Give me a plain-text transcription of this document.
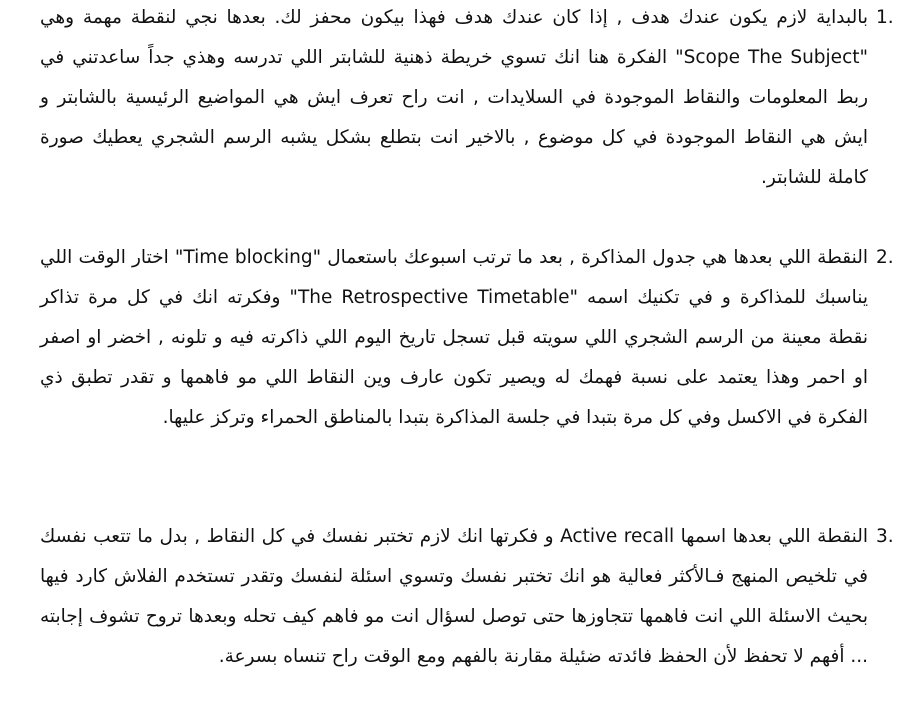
1.

بالبداية لازم يكون عندك هدف , إذا كان عندك هدف فهذا بيكون محفز لك. بعدها نجي لنقطة مهمة وهي "Scope The Subject" الفكرة هنا انك تسوي خريطة ذهنية للشابتر اللي تدرسه وهذي جداً ساعدتني في ربط المعلومات والنقاط الموجودة في السلايدات , انت راح تعرف ايش هي المواضيع الرئيسية بالشابتر و ايش هي النقاط الموجودة في كل موضوع , بالاخير انت بتطلع بشكل يشبه الرسم الشجري يعطيك صورة كاملة للشابتر.

2.

النقطة اللي بعدها هي جدول المذاكرة , بعد ما ترتب اسبوعك باستعمال "Time blocking" اختار الوقت اللي يناسبك للمذاكرة و في تكنيك اسمه "The Retrospective Timetable" وفكرته انك في كل مرة تذاكر نقطة معينة من الرسم الشجري اللي سويته قبل تسجل تاريخ اليوم اللي ذاكرته فيه و تلونه , اخضر او اصفر او احمر وهذا يعتمد على نسبة فهمك له ويصير تكون عارف وين النقاط اللي مو فاهمها و تقدر تطبق ذي الفكرة في الاكسل وفي كل مرة بتبدا في جلسة المذاكرة بتبدا بالمناطق الحمراء وتركز عليها.

3.

النقطة اللي بعدها اسمها Active recall و فكرتها انك لازم تختبر نفسك في كل النقاط , بدل ما تتعب نفسك في تلخيص المنهج فـالأكثر فعالية هو انك تختبر نفسك وتسوي اسئلة لنفسك وتقدر تستخدم الفلاش كارد فيها بحيث الاسئلة اللي انت فاهمها تتجاوزها حتى توصل لسؤال انت مو فاهم كيف تحله وبعدها تروح تشوف إجابته ... أفهم لا تحفظ لأن الحفظ فائدته ضئيلة مقارنة بالفهم ومع الوقت راح تنساه بسرعة.
